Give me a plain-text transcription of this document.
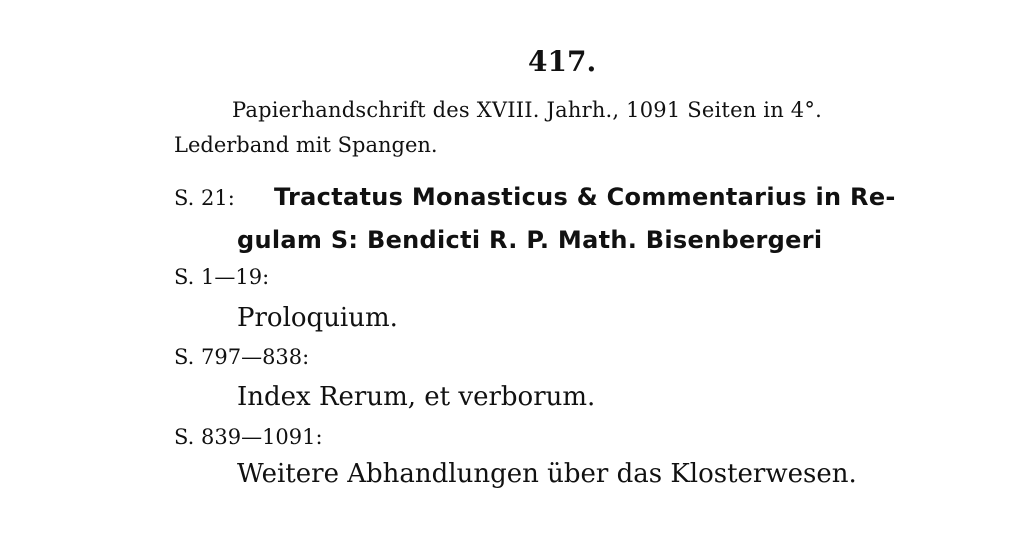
417.
Papierhandschrift des XVIII. Jahrh., 1091 Seiten in 4°.
Lederband mit Spangen.
S. 21: Tractatus Monasticus & Commentarius in Re-
gulam S: Bendicti R. P. Math. Bisenbergeri
S. 1—19:
Proloquium.
S. 797—838:
Index Rerum, et verborum.
S. 839—1091:
Weitere Abhandlungen über das Klosterwesen.
